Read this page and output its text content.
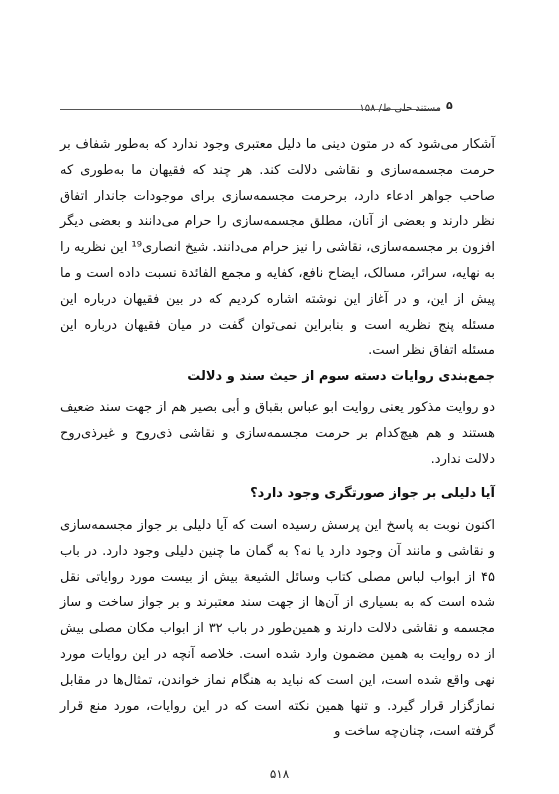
۵
مستند حلی ط/ ۱۵۸

آشکار می‌شود که در متون دینی ما دلیل معتبری وجود ندارد که به‌طور شفاف بر حرمت مجسمه‌سازی و نقاشی دلالت کند. هر چند که فقیهان ما به‌طوری که صاحب جواهر ادعاء دارد، برحرمت مجسمه‌سازی برای موجودات جاندار اتفاق نظر دارند و بعضی از آنان، مطلق مجسمه‌سازی را حرام می‌دانند و بعضی دیگر افزون بر مجسمه‌سازی، نقاشی را نیز حرام می‌دانند. شیخ انصاری¹⁹ این نظریه را به نهایه، سرائر، مسالک، ایضاح نافع، کفایه و مجمع الفائدة نسبت داده است و ما پیش از این، و در آغاز این نوشته اشاره کردیم که در بین فقیهان درباره این مسئله پنج نظریه است و بنابراین نمی‌توان گفت در میان فقیهان درباره این مسئله اتفاق نظر است.

جمع‌بندی روایات دسته سوم از حیث سند و دلالت

دو روایت مذکور یعنی روایت ابو عباس بقباق و أبی بصیر هم از جهت سند ضعیف هستند و هم هیچ‌کدام بر حرمت مجسمه‌سازی و نقاشی ذی‌روح و غیرذی‌روح دلالت ندارد.

آیا دلیلی بر جواز صورتگری وجود دارد؟

اکنون نوبت به پاسخ این پرسش رسیده است که آیا دلیلی بر جواز مجسمه‌سازی و نقاشی و مانند آن وجود دارد یا نه؟ به گمان ما چنین دلیلی وجود دارد. در باب ۴۵ از ابواب لباس مصلی کتاب وسائل الشیعة بیش از بیست مورد روایاتی نقل شده است که به بسیاری از آن‌ها از جهت سند معتبرند و بر جواز ساخت و ساز مجسمه و نقاشی دلالت دارند و همین‌طور در باب ۳۲ از ابواب مکان مصلی بیش از ده روایت به همین مضمون وارد شده است. خلاصه آنچه در این روایات مورد نهی واقع شده است، این است که نباید به هنگام نماز خواندن، تمثال‌ها در مقابل نمازگزار قرار گیرد. و تنها همین نکته است که در این روایات، مورد منع قرار گرفته است، چنان‌چه ساخت و

۵۱۸
